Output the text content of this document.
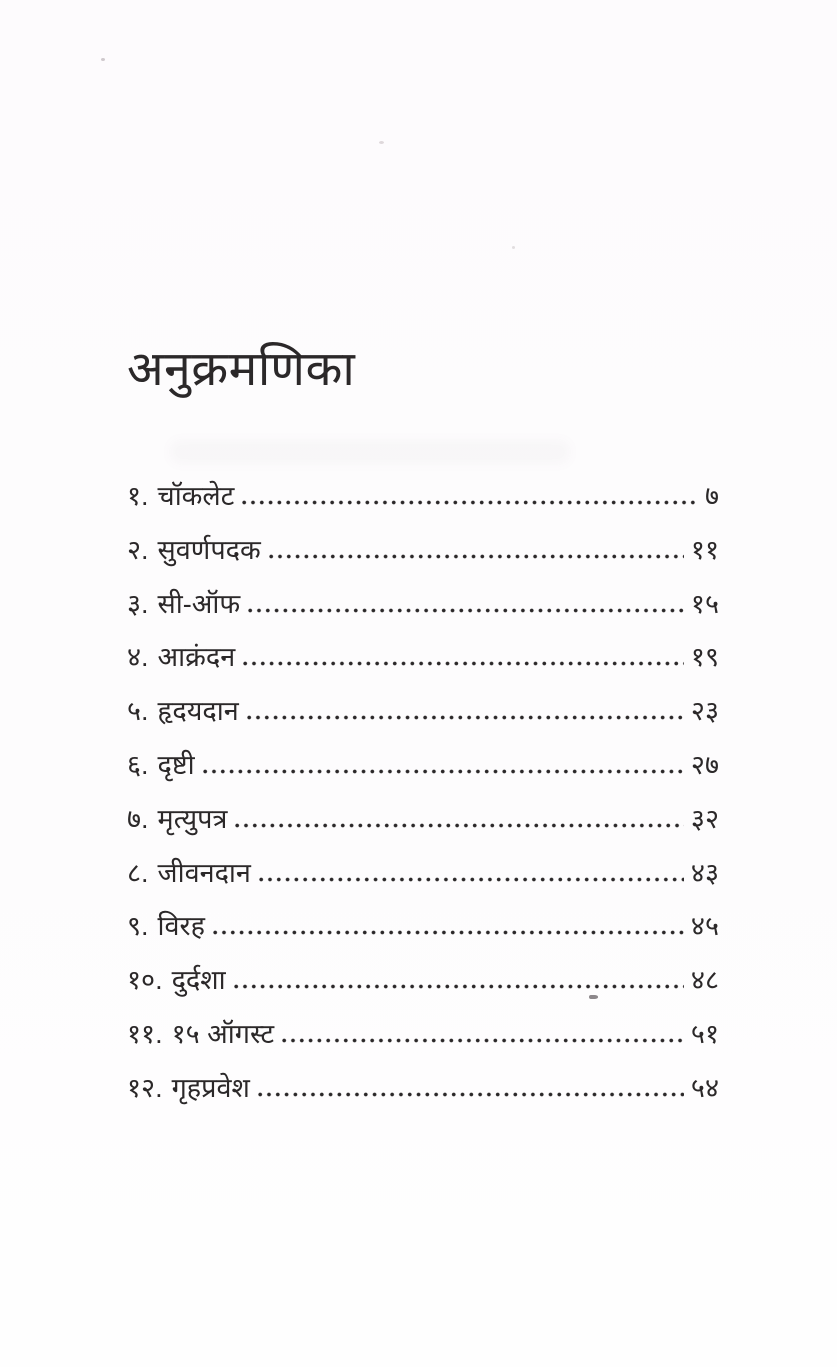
अनुक्रमणिका
१. चॉकलेट	७
२. सुवर्णपदक	११
३. सी-ऑफ	१५
४. आक्रंदन	१९
५. हृदयदान	२३
६. दृष्टी	२७
७. मृत्युपत्र	३२
८. जीवनदान	४३
९. विरह	४५
१०. दुर्दशा	४८
११. १५ ऑगस्ट	५१
१२. गृहप्रवेश	५४
